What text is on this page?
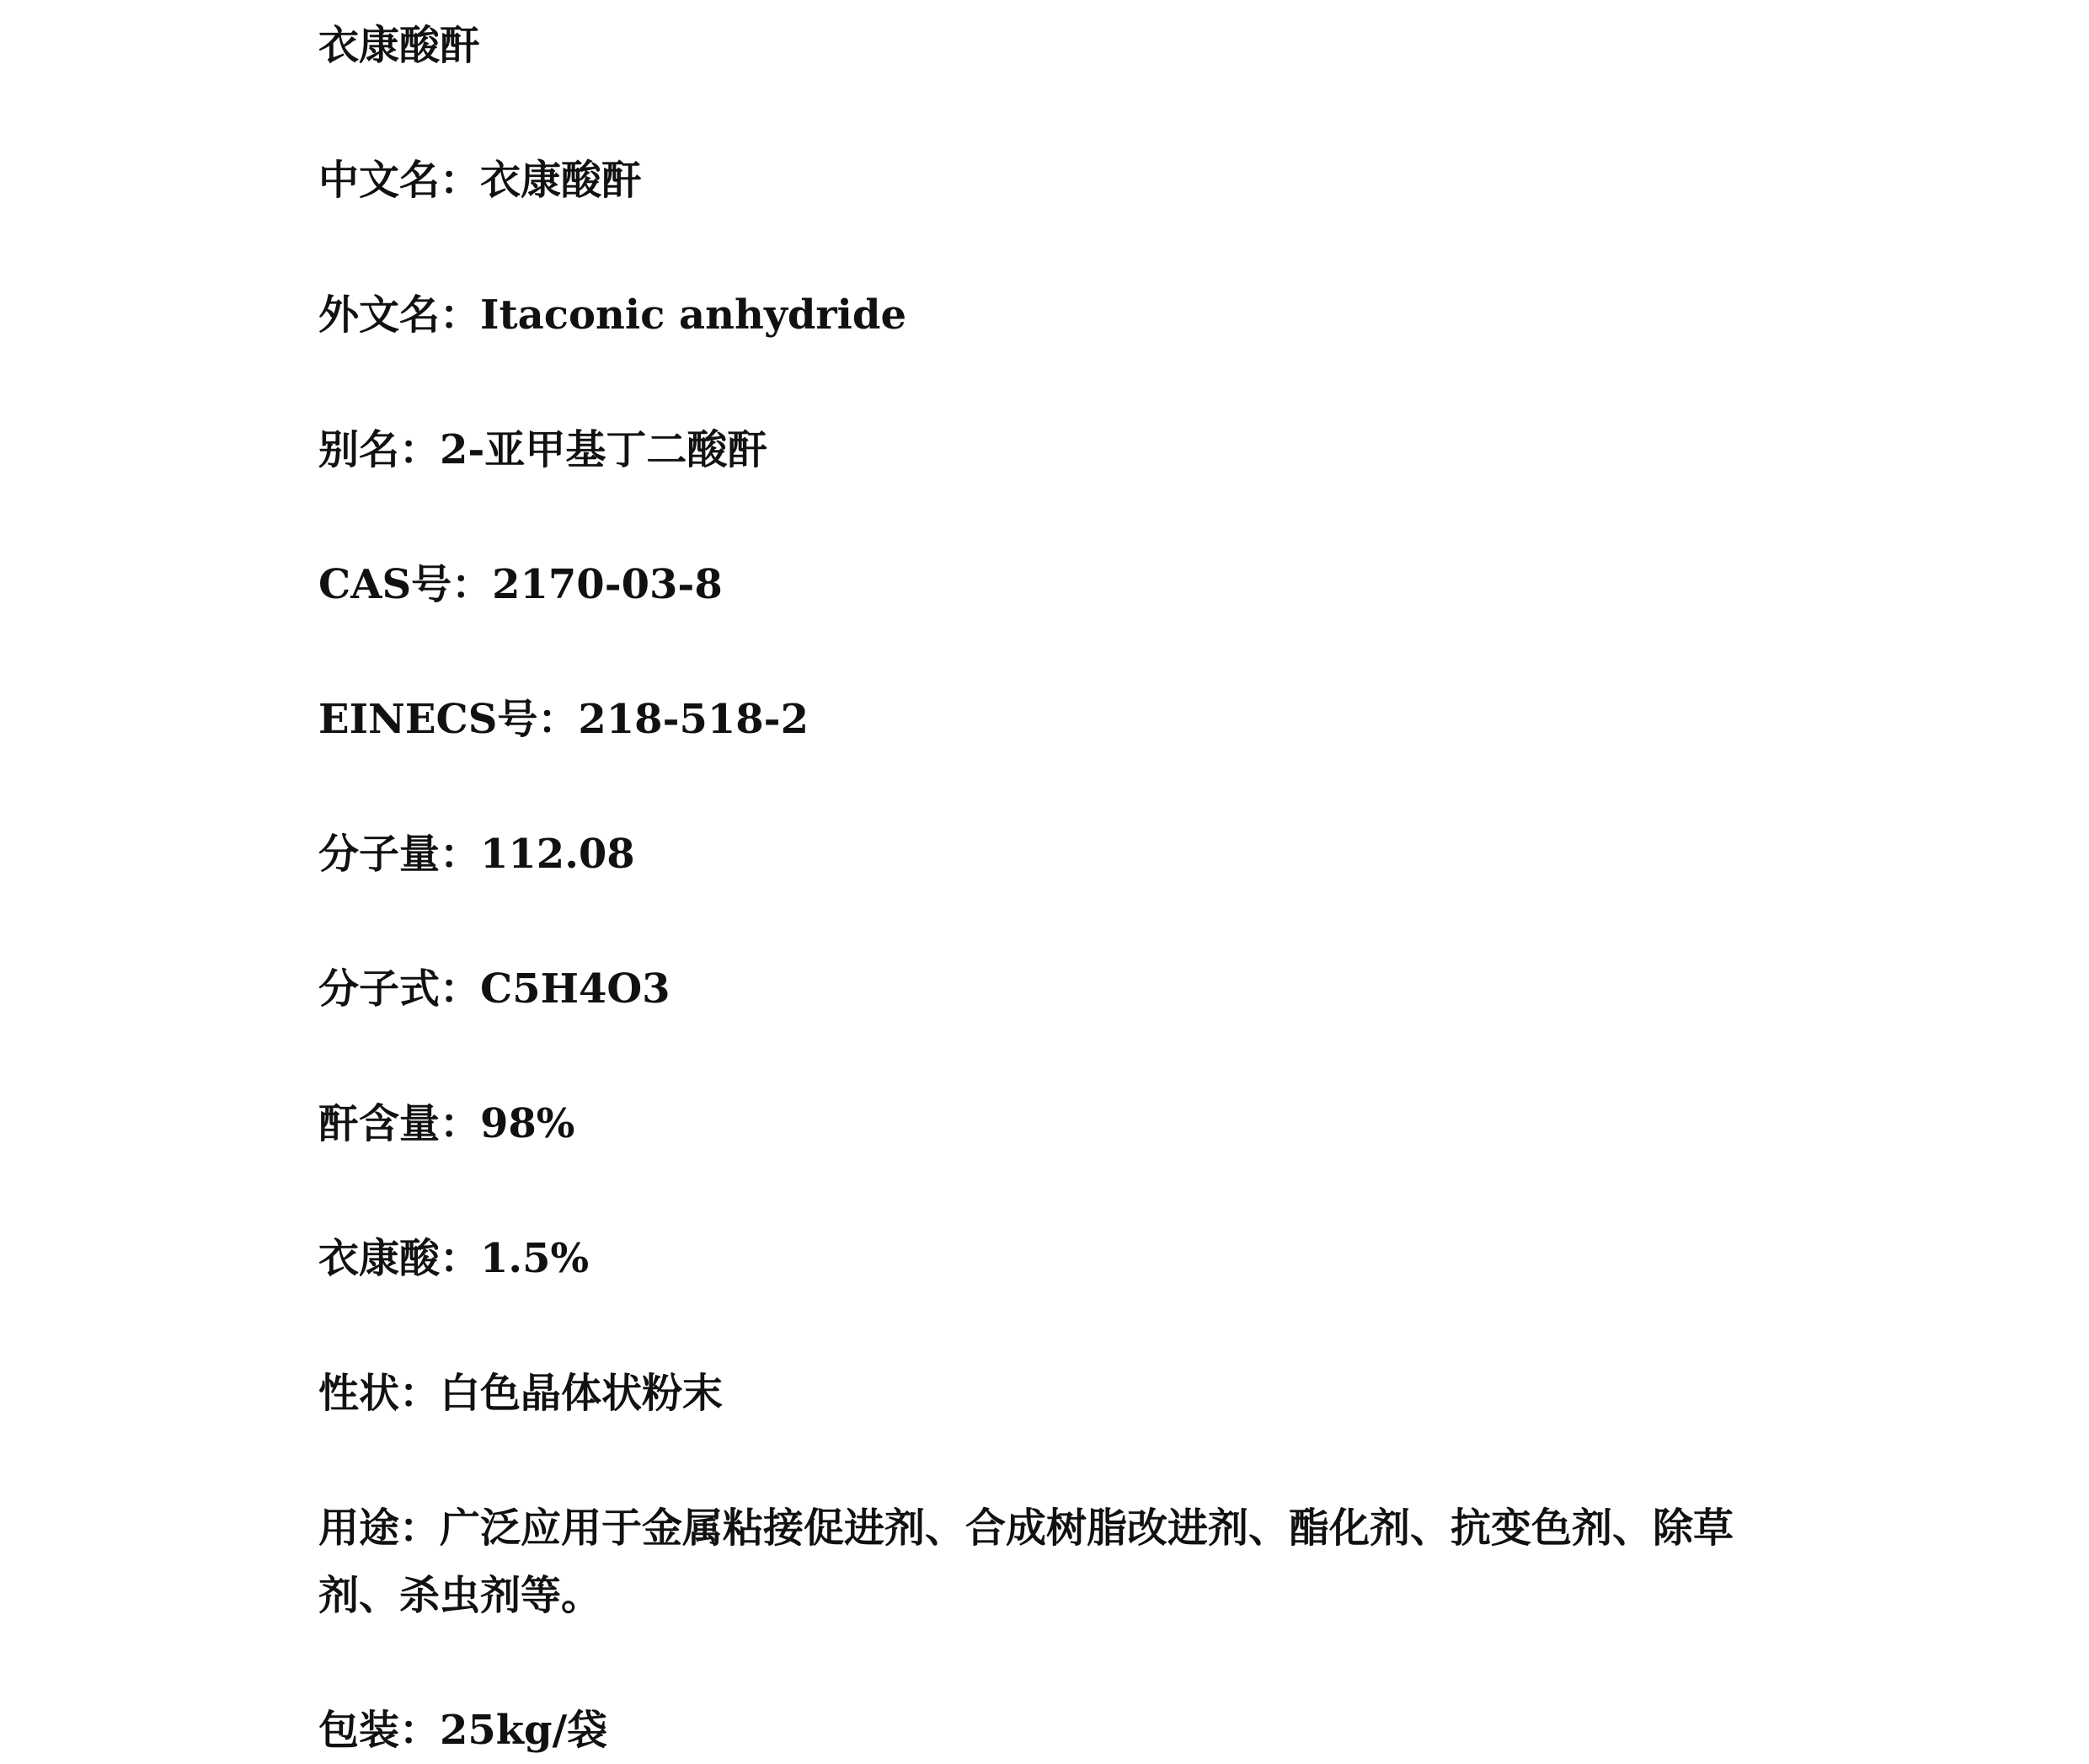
衣康酸酐
中文名：衣康酸酐
外文名：Itaconic anhydride
别名：2-亚甲基丁二酸酐
CAS号：2170-03-8
EINECS号：218-518-2
分子量：112.08
分子式：C5H4O3
酐含量：98%
衣康酸：1.5%
性状：白色晶体状粉末
用途：广泛应用于金属粘接促进剂、合成树脂改进剂、酯化剂、抗变色剂、除草剂、杀虫剂等。
包装：25kg/袋
